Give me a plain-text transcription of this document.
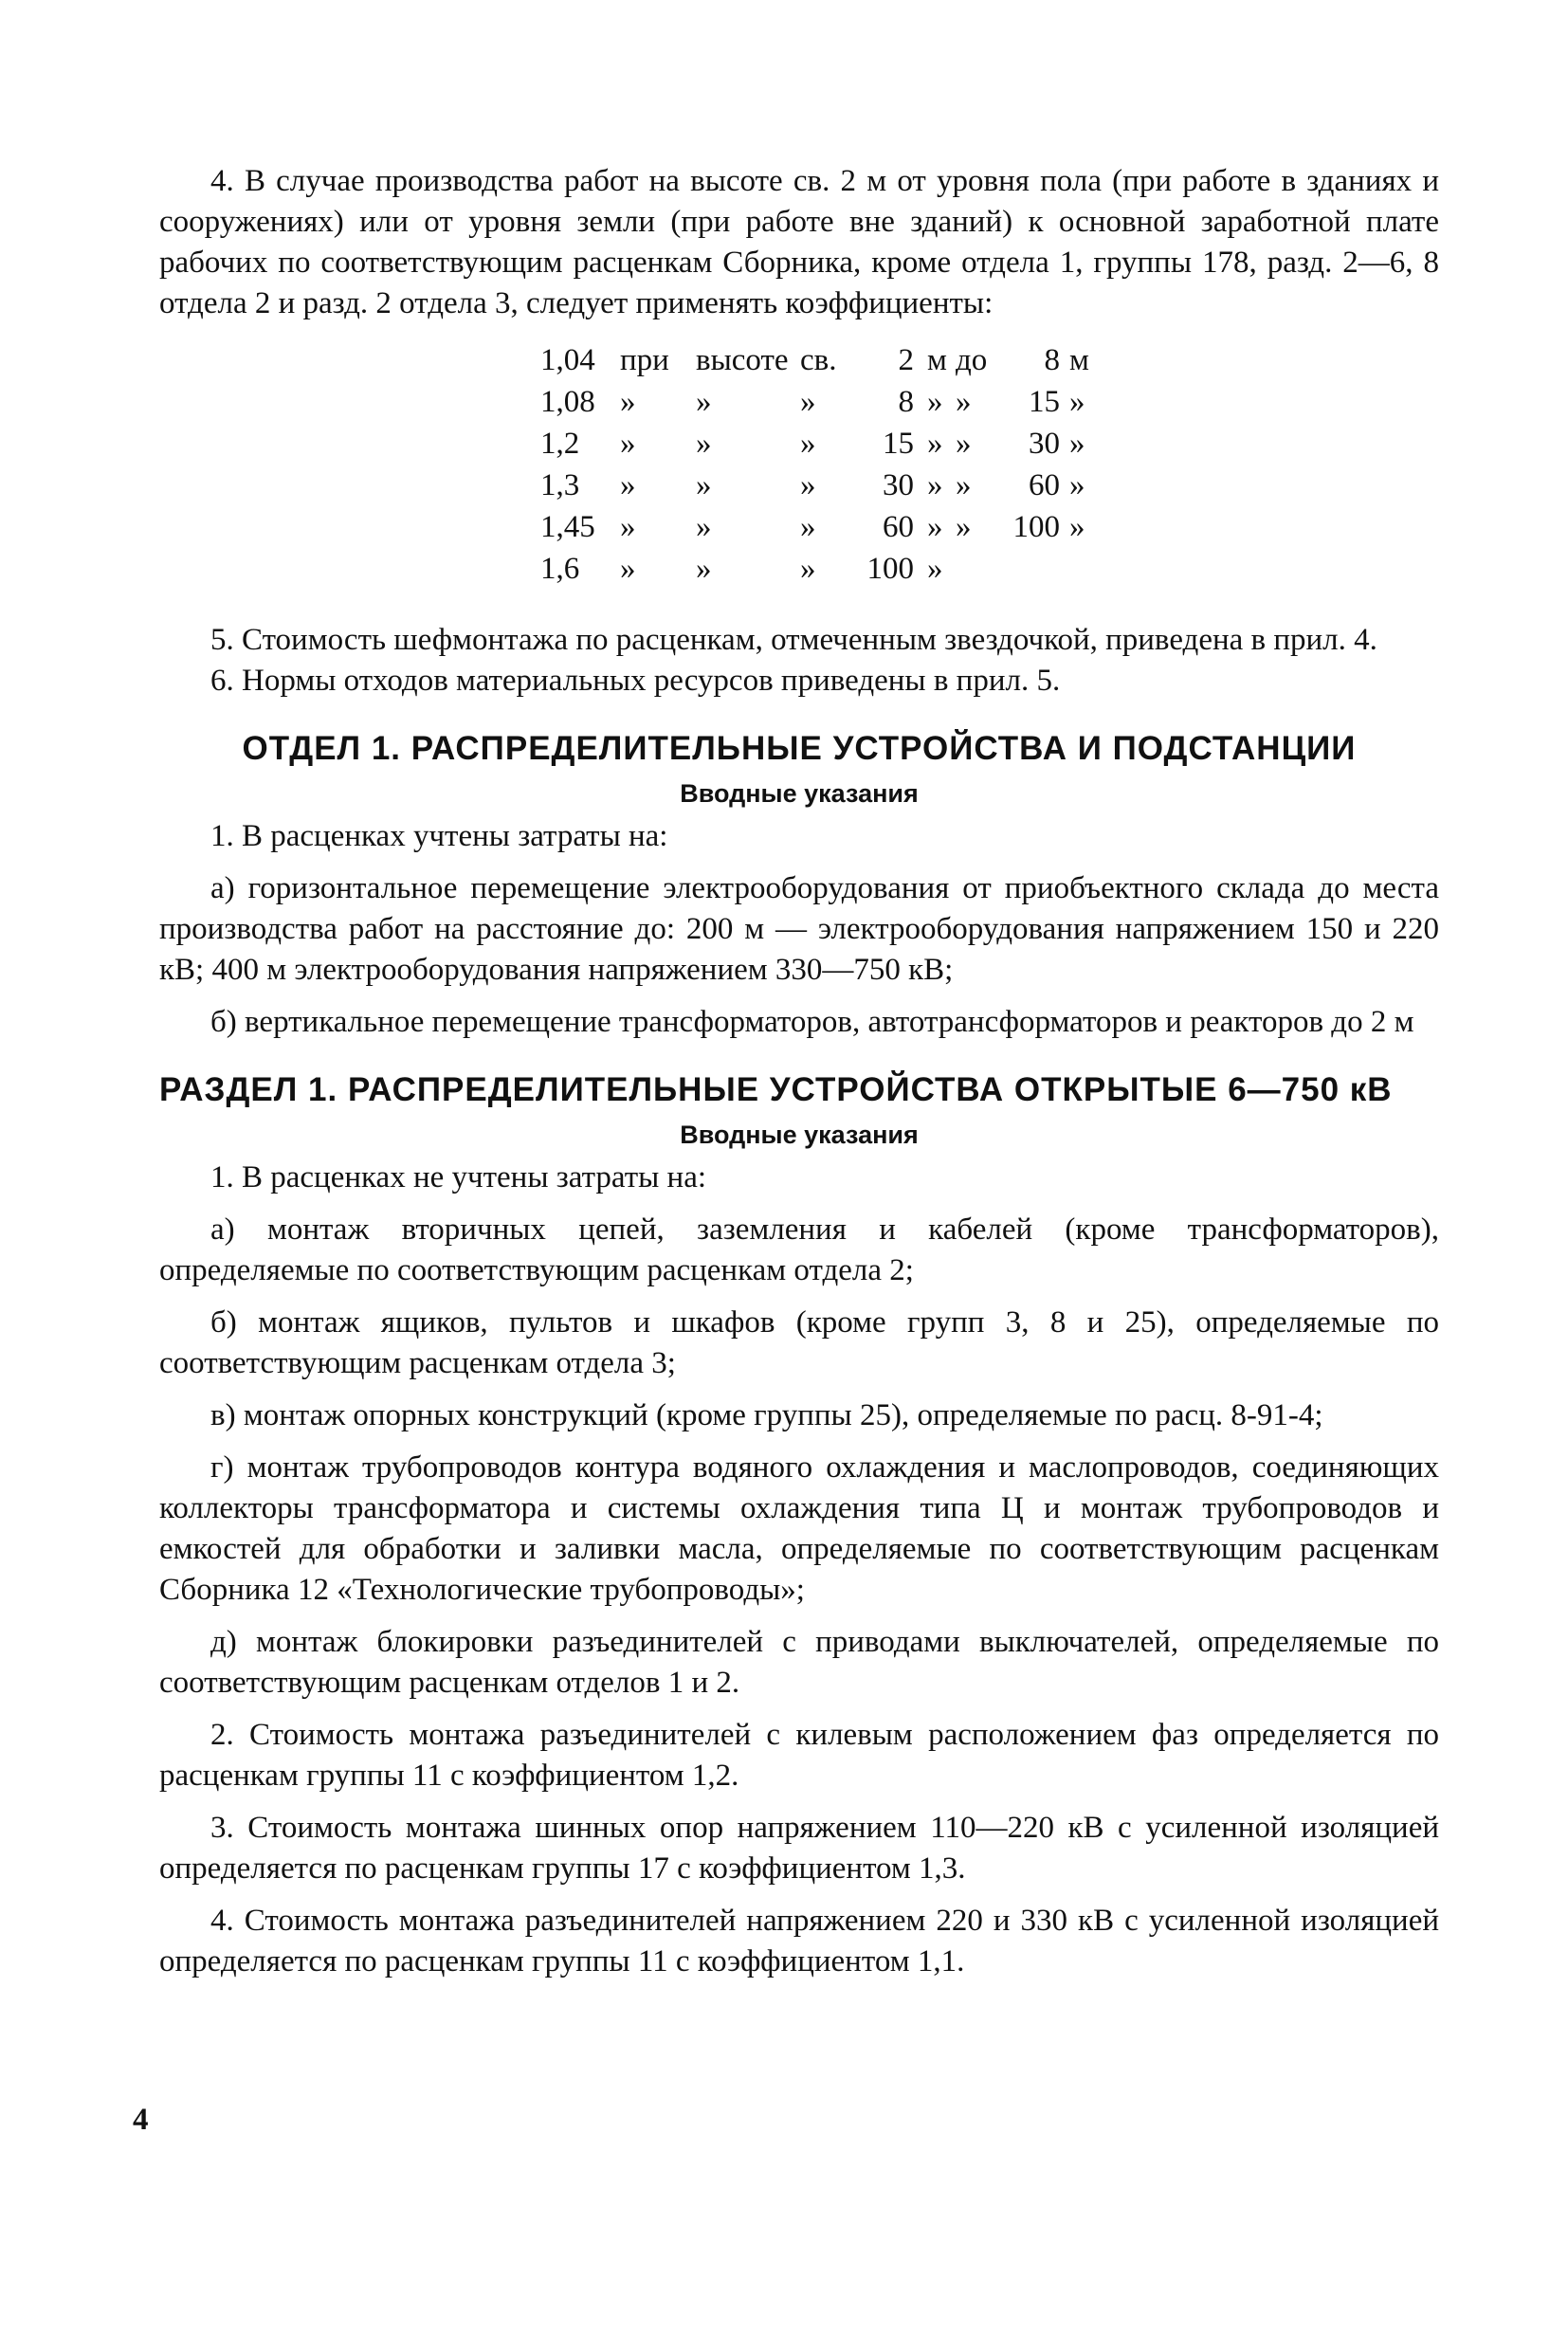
4. В случае производства работ на высоте св. 2 м от уровня пола (при работе в зданиях и сооружениях) или от уровня земли (при работе вне зданий) к основной заработной плате рабочих по соответствующим расценкам Сборника, кроме отдела 1, группы 178, разд. 2—6, 8 отдела 2 и разд. 2 отдела 3, следует применять коэффициенты:

1,04	при	высоте	св.	2	м	до	8	м
1,08	»	»	»	8	»	»	15	»
1,2	»	»	»	15	»	»	30	»
1,3	»	»	»	30	»	»	60	»
1,45	»	»	»	60	»	»	100	»
1,6	»	»	»	100	»			

5. Стоимость шефмонтажа по расценкам, отмеченным звездочкой, приведена в прил. 4.

6. Нормы отходов материальных ресурсов приведены в прил. 5.

ОТДЕЛ 1. РАСПРЕДЕЛИТЕЛЬНЫЕ УСТРОЙСТВА И ПОДСТАНЦИИ

Вводные указания

1. В расценках учтены затраты на:

а) горизонтальное перемещение электрооборудования от приобъектного склада до места производства работ на расстояние до: 200 м — электрооборудования напряжением 150 и 220 кВ; 400 м электрооборудования напряжением 330—750 кВ;

б) вертикальное перемещение трансформаторов, автотрансформаторов и реакторов до 2 м

РАЗДЕЛ 1. РАСПРЕДЕЛИТЕЛЬНЫЕ УСТРОЙСТВА ОТКРЫТЫЕ 6—750 кВ

Вводные указания

1. В расценках не учтены затраты на:

а) монтаж вторичных цепей, заземления и кабелей (кроме трансформаторов), определяемые по соответствующим расценкам отдела 2;

б) монтаж ящиков, пультов и шкафов (кроме групп 3, 8 и 25), определяемые по соответствующим расценкам отдела 3;

в) монтаж опорных конструкций (кроме группы 25), определяемые по расц. 8-91-4;

г) монтаж трубопроводов контура водяного охлаждения и маслопроводов, соединяющих коллекторы трансформатора и системы охлаждения типа Ц и монтаж трубопроводов и емкостей для обработки и заливки масла, определяемые по соответствующим расценкам Сборника 12 «Технологические трубопроводы»;

д) монтаж блокировки разъединителей с приводами выключателей, определяемые по соответствующим расценкам отделов 1 и 2.

2. Стоимость монтажа разъединителей с килевым расположением фаз определяется по расценкам группы 11 с коэффициентом 1,2.

3. Стоимость монтажа шинных опор напряжением 110—220 кВ с усиленной изоляцией определяется по расценкам группы 17 с коэффициентом 1,3.

4. Стоимость монтажа разъединителей напряжением 220 и 330 кВ с усиленной изоляцией определяется по расценкам группы 11 с коэффициентом 1,1.

4
